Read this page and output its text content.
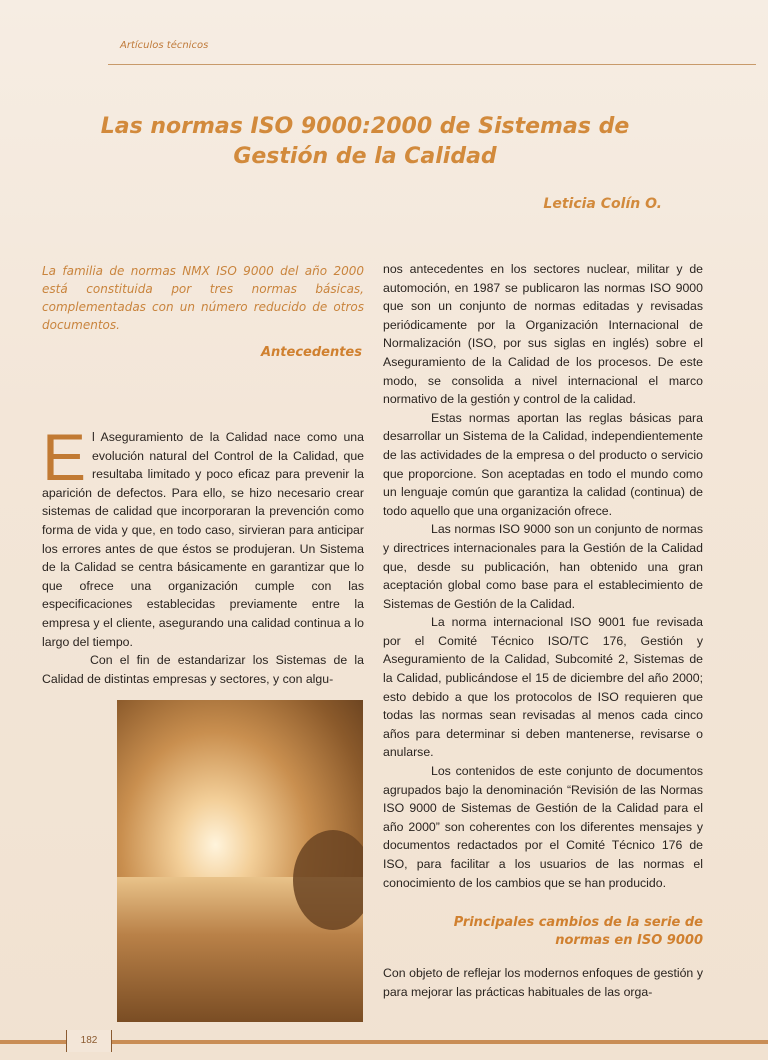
Artículos técnicos
Las normas ISO 9000:2000 de Sistemas de
Gestión de la Calidad
Leticia Colín O.
La familia de normas NMX ISO 9000 del año 2000 está constituida por tres normas básicas, complementadas con un número reducido de otros documentos.
Antecedentes

El Aseguramiento de la Calidad nace como una evolución natural del Control de la Calidad, que resultaba limitado y poco eficaz para prevenir la aparición de defectos. Para ello, se hizo necesario crear sistemas de calidad que incorporaran la prevención como forma de vida y que, en todo caso, sirvieran para anticipar los errores antes de que éstos se produjeran. Un Sistema de la Calidad se centra básicamente en garantizar que lo que ofrece una organización cumple con las especificaciones establecidas previamente entre la empresa y el cliente, asegurando una calidad continua a lo largo del tiempo.

Con el fin de estandarizar los Sistemas de la Calidad de distintas empresas y sectores, y con algu-

nos antecedentes en los sectores nuclear, militar y de automoción, en 1987 se publicaron las normas ISO 9000 que son un conjunto de normas editadas y revisadas periódicamente por la Organización Internacional de Normalización (ISO, por sus siglas en inglés) sobre el Aseguramiento de la Calidad de los procesos. De este modo, se consolida a nivel internacional el marco normativo de la gestión y control de la calidad.

Estas normas aportan las reglas básicas para desarrollar un Sistema de la Calidad, independientemente de las actividades de la empresa o del producto o servicio que proporcione. Son aceptadas en todo el mundo como un lenguaje común que garantiza la calidad (continua) de todo aquello que una organización ofrece.

Las normas ISO 9000 son un conjunto de normas y directrices internacionales para la Gestión de la Calidad que, desde su publicación, han obtenido una gran aceptación global como base para el establecimiento de Sistemas de Gestión de la Calidad.

La norma internacional ISO 9001 fue revisada por el Comité Técnico ISO/TC 176, Gestión y Aseguramiento de la Calidad, Subcomité 2, Sistemas de la Calidad, publicándose el 15 de diciembre del año 2000; esto debido a que los protocolos de ISO requieren que todas las normas sean revisadas al menos cada cinco años para determinar si deben mantenerse, revisarse o anularse.

Los contenidos de este conjunto de documentos agrupados bajo la denominación “Revisión de las Normas ISO 9000 de Sistemas de Gestión de la Calidad para el año 2000” son coherentes con los diferentes mensajes y documentos redactados por el Comité Técnico 176 de ISO, para facilitar a los usuarios de las normas el conocimiento de los cambios que se han producido.

Principales cambios de la serie de
normas en ISO 9000

Con objeto de reflejar los modernos enfoques de gestión y para mejorar las prácticas habituales de las orga-

182
